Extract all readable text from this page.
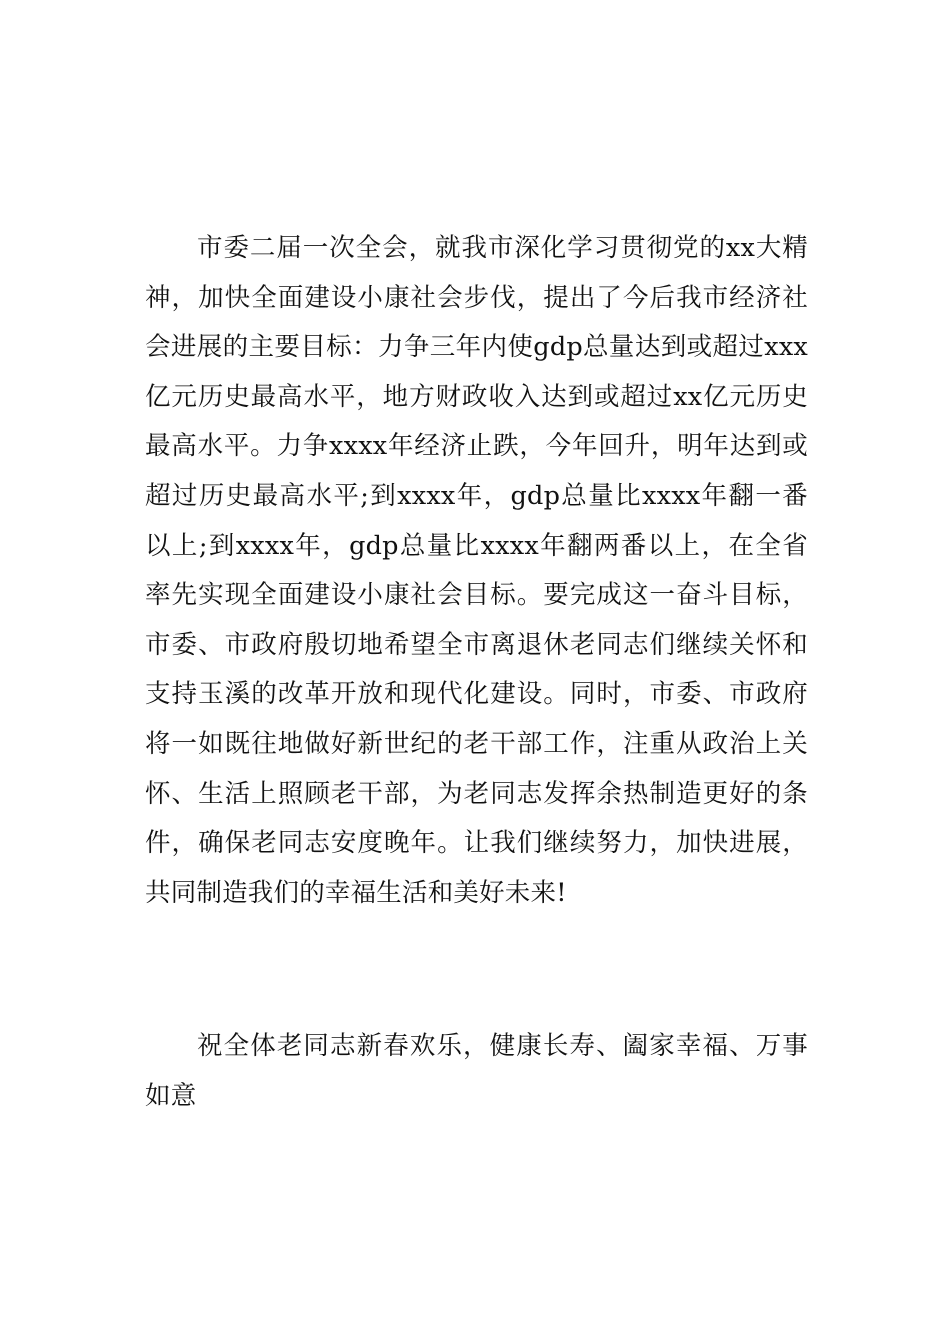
市委二届一次全会，就我市深化学习贯彻党的xx大精神，加快全面建设小康社会步伐，提出了今后我市经济社会进展的主要目标：力争三年内使gdp总量达到或超过xxx亿元历史最高水平，地方财政收入达到或超过xx亿元历史最高水平。力争xxxx年经济止跌，今年回升，明年达到或超过历史最高水平;到xxxx年，gdp总量比xxxx年翻一番以上;到xxxx年，gdp总量比xxxx年翻两番以上，在全省率先实现全面建设小康社会目标。要完成这一奋斗目标，市委、市政府殷切地希望全市离退休老同志们继续关怀和支持玉溪的改革开放和现代化建设。同时，市委、市政府将一如既往地做好新世纪的老干部工作，注重从政治上关怀、生活上照顾老干部，为老同志发挥余热制造更好的条件，确保老同志安度晚年。让我们继续努力，加快进展，共同制造我们的幸福生活和美好未来!

祝全体老同志新春欢乐，健康长寿、阖家幸福、万事如意
